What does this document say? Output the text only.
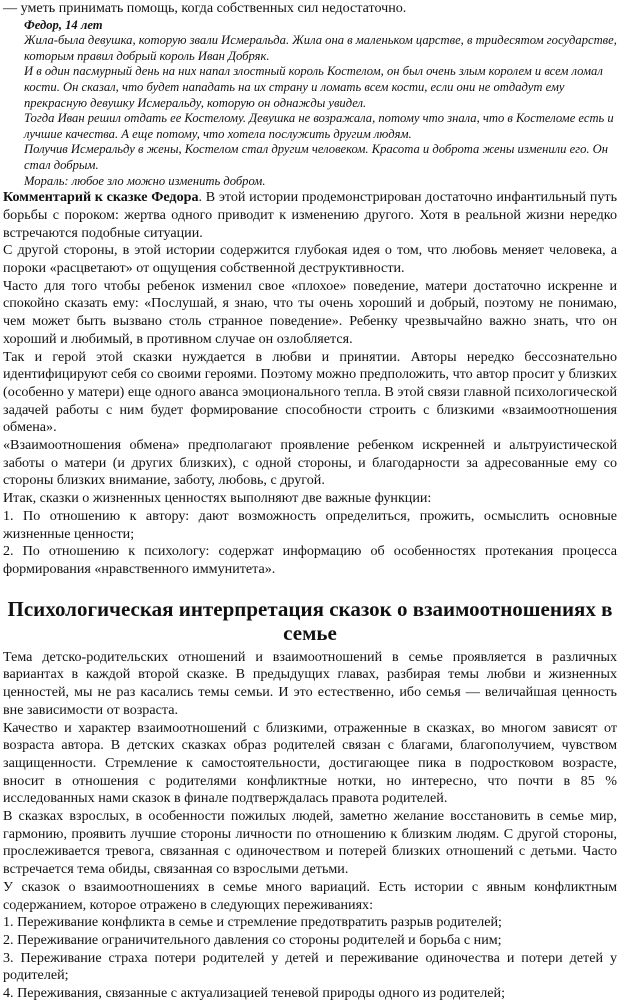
— уметь принимать помощь, когда собственных сил недостаточно.

Федор, 14 лет
Жила-была девушка, которую звали Исмеральда. Жила она в маленьком царстве, в тридесятом государстве, которым правил добрый король Иван Добряк.
И в один пасмурный день на них напал злостный король Костелом, он был очень злым королем и всем ломал кости. Он сказал, что будет нападать на их страну и ломать всем кости, если они не отдадут ему прекрасную девушку Исмеральду, которую он однажды увидел.
Тогда Иван решил отдать ее Костелому. Девушка не возражала, потому что знала, что в Костеломе есть и лучшие качества. А еще потому, что хотела послужить другим людям.
Получив Исмеральду в жены, Костелом стал другим человеком. Красота и доброта жены изменили его. Он стал добрым.
Мораль: любое зло можно изменить добром.

Комментарий к сказке Федора. В этой истории продемонстрирован достаточно инфантильный путь борьбы с пороком: жертва одного приводит к изменению другого. Хотя в реальной жизни нередко встречаются подобные ситуации.

С другой стороны, в этой истории содержится глубокая идея о том, что любовь меняет человека, а пороки «расцветают» от ощущения собственной деструктивности.

Часто для того чтобы ребенок изменил свое «плохое» поведение, матери достаточно искренне и спокойно сказать ему: «Послушай, я знаю, что ты очень хороший и добрый, поэтому не понимаю, чем может быть вызвано столь странное поведение». Ребенку чрезвычайно важно знать, что он хороший и любимый, в противном случае он озлобляется.

Так и герой этой сказки нуждается в любви и принятии. Авторы нередко бессознательно идентифицируют себя со своими героями. Поэтому можно предположить, что автор просит у близких (особенно у матери) еще одного аванса эмоционального тепла. В этой связи главной психологической задачей работы с ним будет формирование способности строить с близкими «взаимоотношения обмена».

«Взаимоотношения обмена» предполагают проявление ребенком искренней и альтруистической заботы о матери (и других близких), с одной стороны, и благодарности за адресованные ему со стороны близких внимание, заботу, любовь, с другой.

Итак, сказки о жизненных ценностях выполняют две важные функции:

1. По отношению к автору: дают возможность определиться, прожить, осмыслить основные жизненные ценности;

2. По отношению к психологу: содержат информацию об особенностях протекания процесса формирования «нравственного иммунитета».

Психологическая интерпретация сказок о взаимоотношениях в семье

Тема детско-родительских отношений и взаимоотношений в семье проявляется в различных вариантах в каждой второй сказке. В предыдущих главах, разбирая темы любви и жизненных ценностей, мы не раз касались темы семьи. И это естественно, ибо семья — величайшая ценность вне зависимости от возраста.

Качество и характер взаимоотношений с близкими, отраженные в сказках, во многом зависят от возраста автора. В детских сказках образ родителей связан с благами, благополучием, чувством защищенности. Стремление к самостоятельности, достигающее пика в подростковом возрасте, вносит в отношения с родителями конфликтные нотки, но интересно, что почти в 85 % исследованных нами сказок в финале подтверждалась правота родителей.

В сказках взрослых, в особенности пожилых людей, заметно желание восстановить в семье мир, гармонию, проявить лучшие стороны личности по отношению к близким людям. С другой стороны, прослеживается тревога, связанная с одиночеством и потерей близких отношений с детьми. Часто встречается тема обиды, связанная со взрослыми детьми.

У сказок о взаимоотношениях в семье много вариаций. Есть истории с явным конфликтным содержанием, которое отражено в следующих переживаниях:

1. Переживание конфликта в семье и стремление предотвратить разрыв родителей;

2. Переживание ограничительного давления со стороны родителей и борьба с ним;

3. Переживание страха потери родителей у детей и переживание одиночества и потери детей у родителей;

4. Переживания, связанные с актуализацией теневой природы одного из родителей;
